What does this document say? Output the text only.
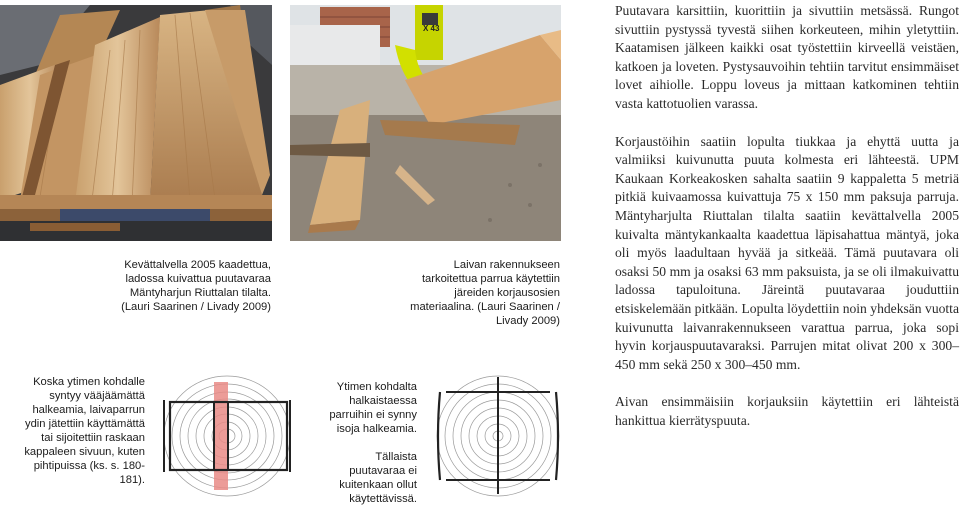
X 43
Kevättalvella 2005 kaadettua, ladossa kuivattua puutavaraa Mäntyharjun Riuttalan tilalta. (Lauri Saarinen / Livady 2009)
Laivan rakennukseen tarkoitettua parrua käytettiin järeiden korjausosien materiaalina. (Lauri Saarinen / Livady 2009)
Koska ytimen kohdalle syntyy vääjäämättä halkeamia, laivaparrun ydin jätettiin käyttämättä tai sijoitettiin raskaan kappaleen sivuun, kuten pihtipuissa (ks. s. 180-181).
Ytimen kohdalta halkaistaessa parruihin ei synny isoja halkeamia.
Tällaista puutavaraa ei kuitenkaan ollut käytettävissä.

Puutavara karsittiin, kuorittiin ja sivuttiin metsässä. Rungot sivuttiin pystyssä tyvestä siihen korkeuteen, mihin yletyttiin. Kaatamisen jälkeen kaikki osat työstettiin kirveellä veistäen, katkoen ja loveten. Pystysauvoihin tehtiin tarvitut ensimmäiset lovet aihiolle. Loppu loveus ja mittaan katkominen tehtiin vasta kattotuolien varassa.

Korjaustöihin saatiin lopulta tiukkaa ja ehyttä uutta ja valmiiksi kuivunutta puuta kolmesta eri lähteestä. UPM Kaukaan Korkeakosken sahalta saatiin 9 kappaletta 5 metriä pitkiä kuivaamossa kuivattuja 75 x 150 mm paksuja parruja. Mäntyharjulta Riuttalan tilalta saatiin kevättalvella 2005 kuivalta mäntykankaalta kaadettua läpisahattua mäntyä, joka oli myös laadultaan hyvää ja sitkeää. Tämä puutavara oli osaksi 50 mm ja osaksi 63 mm paksuista, ja se oli ilmakuivattu ladossa tapuloituna. Järeintä puutavaraa jouduttiin etsiskelemään pitkään. Lopulta löydettiin noin yhdeksän vuotta kuivunutta laivanrakennukseen varattua parrua, joka sopi hyvin korjauspuutavaraksi. Parrujen mitat olivat 200 x 300–450 mm sekä 250 x 300–450 mm.

Aivan ensimmäisiin korjauksiin käytettiin eri lähteistä hankittua kierrätyspuuta.
